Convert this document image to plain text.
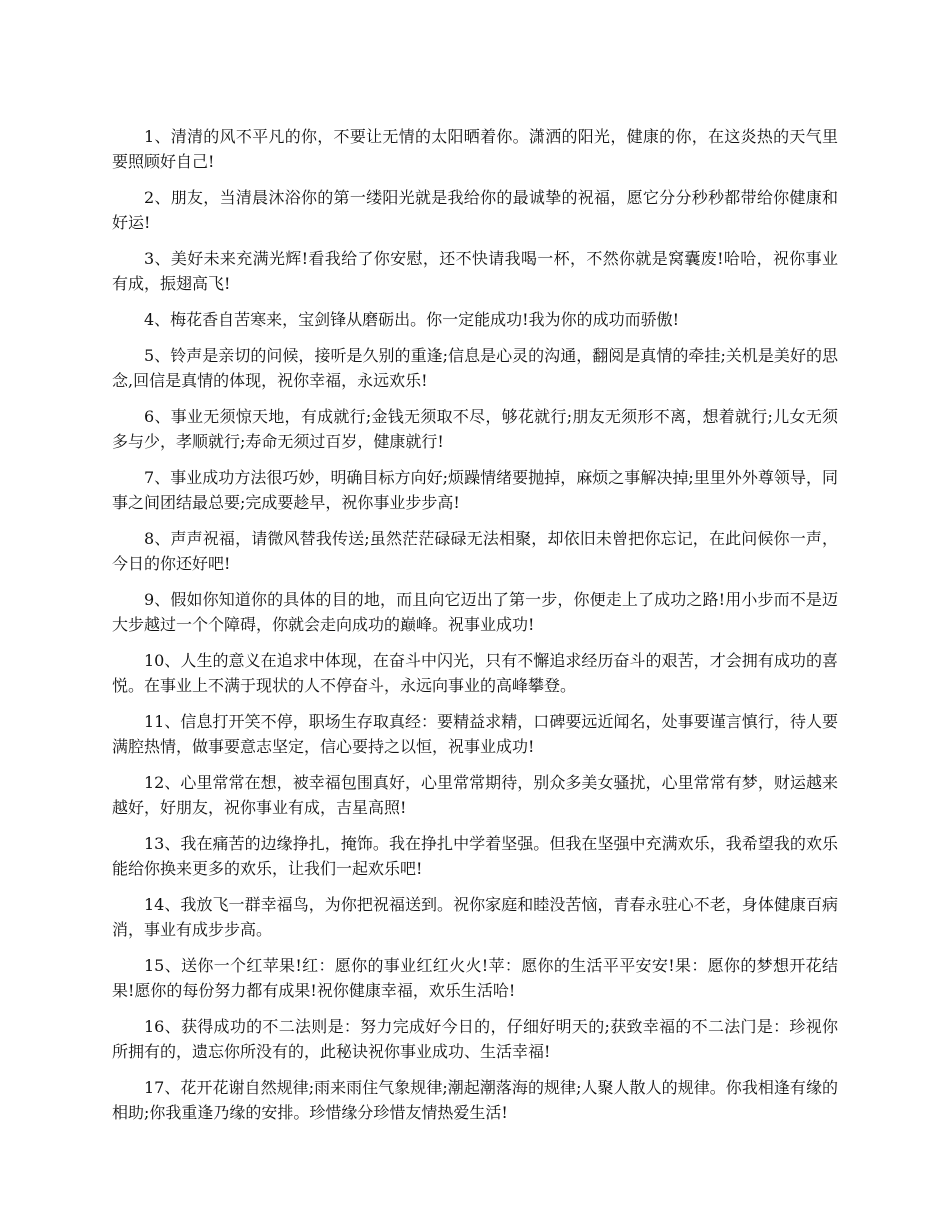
1、清清的风不平凡的你，不要让无情的太阳晒着你。潇洒的阳光，健康的你，在这炎热的天气里要照顾好自己!

2、朋友，当清晨沐浴你的第一缕阳光就是我给你的最诚挚的祝福，愿它分分秒秒都带给你健康和好运!

3、美好未来充满光辉!看我给了你安慰，还不快请我喝一杯，不然你就是窝囊废!哈哈，祝你事业有成，振翅高飞!

4、梅花香自苦寒来，宝剑锋从磨砺出。你一定能成功!我为你的成功而骄傲!

5、铃声是亲切的问候，接听是久别的重逢;信息是心灵的沟通，翻阅是真情的牵挂;关机是美好的思念,回信是真情的体现，祝你幸福，永远欢乐!

6、事业无须惊天地，有成就行;金钱无须取不尽，够花就行;朋友无须形不离，想着就行;儿女无须多与少，孝顺就行;寿命无须过百岁，健康就行!

7、事业成功方法很巧妙，明确目标方向好;烦躁情绪要抛掉，麻烦之事解决掉;里里外外尊领导，同事之间团结最总要;完成要趁早，祝你事业步步高!

8、声声祝福，请微风替我传送;虽然茫茫碌碌无法相聚，却依旧未曾把你忘记，在此问候你一声，今日的你还好吧!

9、假如你知道你的具体的目的地，而且向它迈出了第一步，你便走上了成功之路!用小步而不是迈大步越过一个个障碍，你就会走向成功的巅峰。祝事业成功!

10、人生的意义在追求中体现，在奋斗中闪光，只有不懈追求经历奋斗的艰苦，才会拥有成功的喜悦。在事业上不满于现状的人不停奋斗，永远向事业的高峰攀登。

11、信息打开笑不停，职场生存取真经：要精益求精，口碑要远近闻名，处事要谨言慎行，待人要满腔热情，做事要意志坚定，信心要持之以恒，祝事业成功!

12、心里常常在想，被幸福包围真好，心里常常期待，别众多美女骚扰，心里常常有梦，财运越来越好，好朋友，祝你事业有成，吉星高照!

13、我在痛苦的边缘挣扎，掩饰。我在挣扎中学着坚强。但我在坚强中充满欢乐，我希望我的欢乐能给你换来更多的欢乐，让我们一起欢乐吧!

14、我放飞一群幸福鸟，为你把祝福送到。祝你家庭和睦没苦恼，青春永驻心不老，身体健康百病消，事业有成步步高。

15、送你一个红苹果!红：愿你的事业红红火火!苹：愿你的生活平平安安!果：愿你的梦想开花结果!愿你的每份努力都有成果!祝你健康幸福，欢乐生活哈!

16、获得成功的不二法则是：努力完成好今日的，仔细好明天的;获致幸福的不二法门是：珍视你所拥有的，遗忘你所没有的，此秘诀祝你事业成功、生活幸福!

17、花开花谢自然规律;雨来雨住气象规律;潮起潮落海的规律;人聚人散人的规律。你我相逢有缘的相助;你我重逢乃缘的安排。珍惜缘分珍惜友情热爱生活!
